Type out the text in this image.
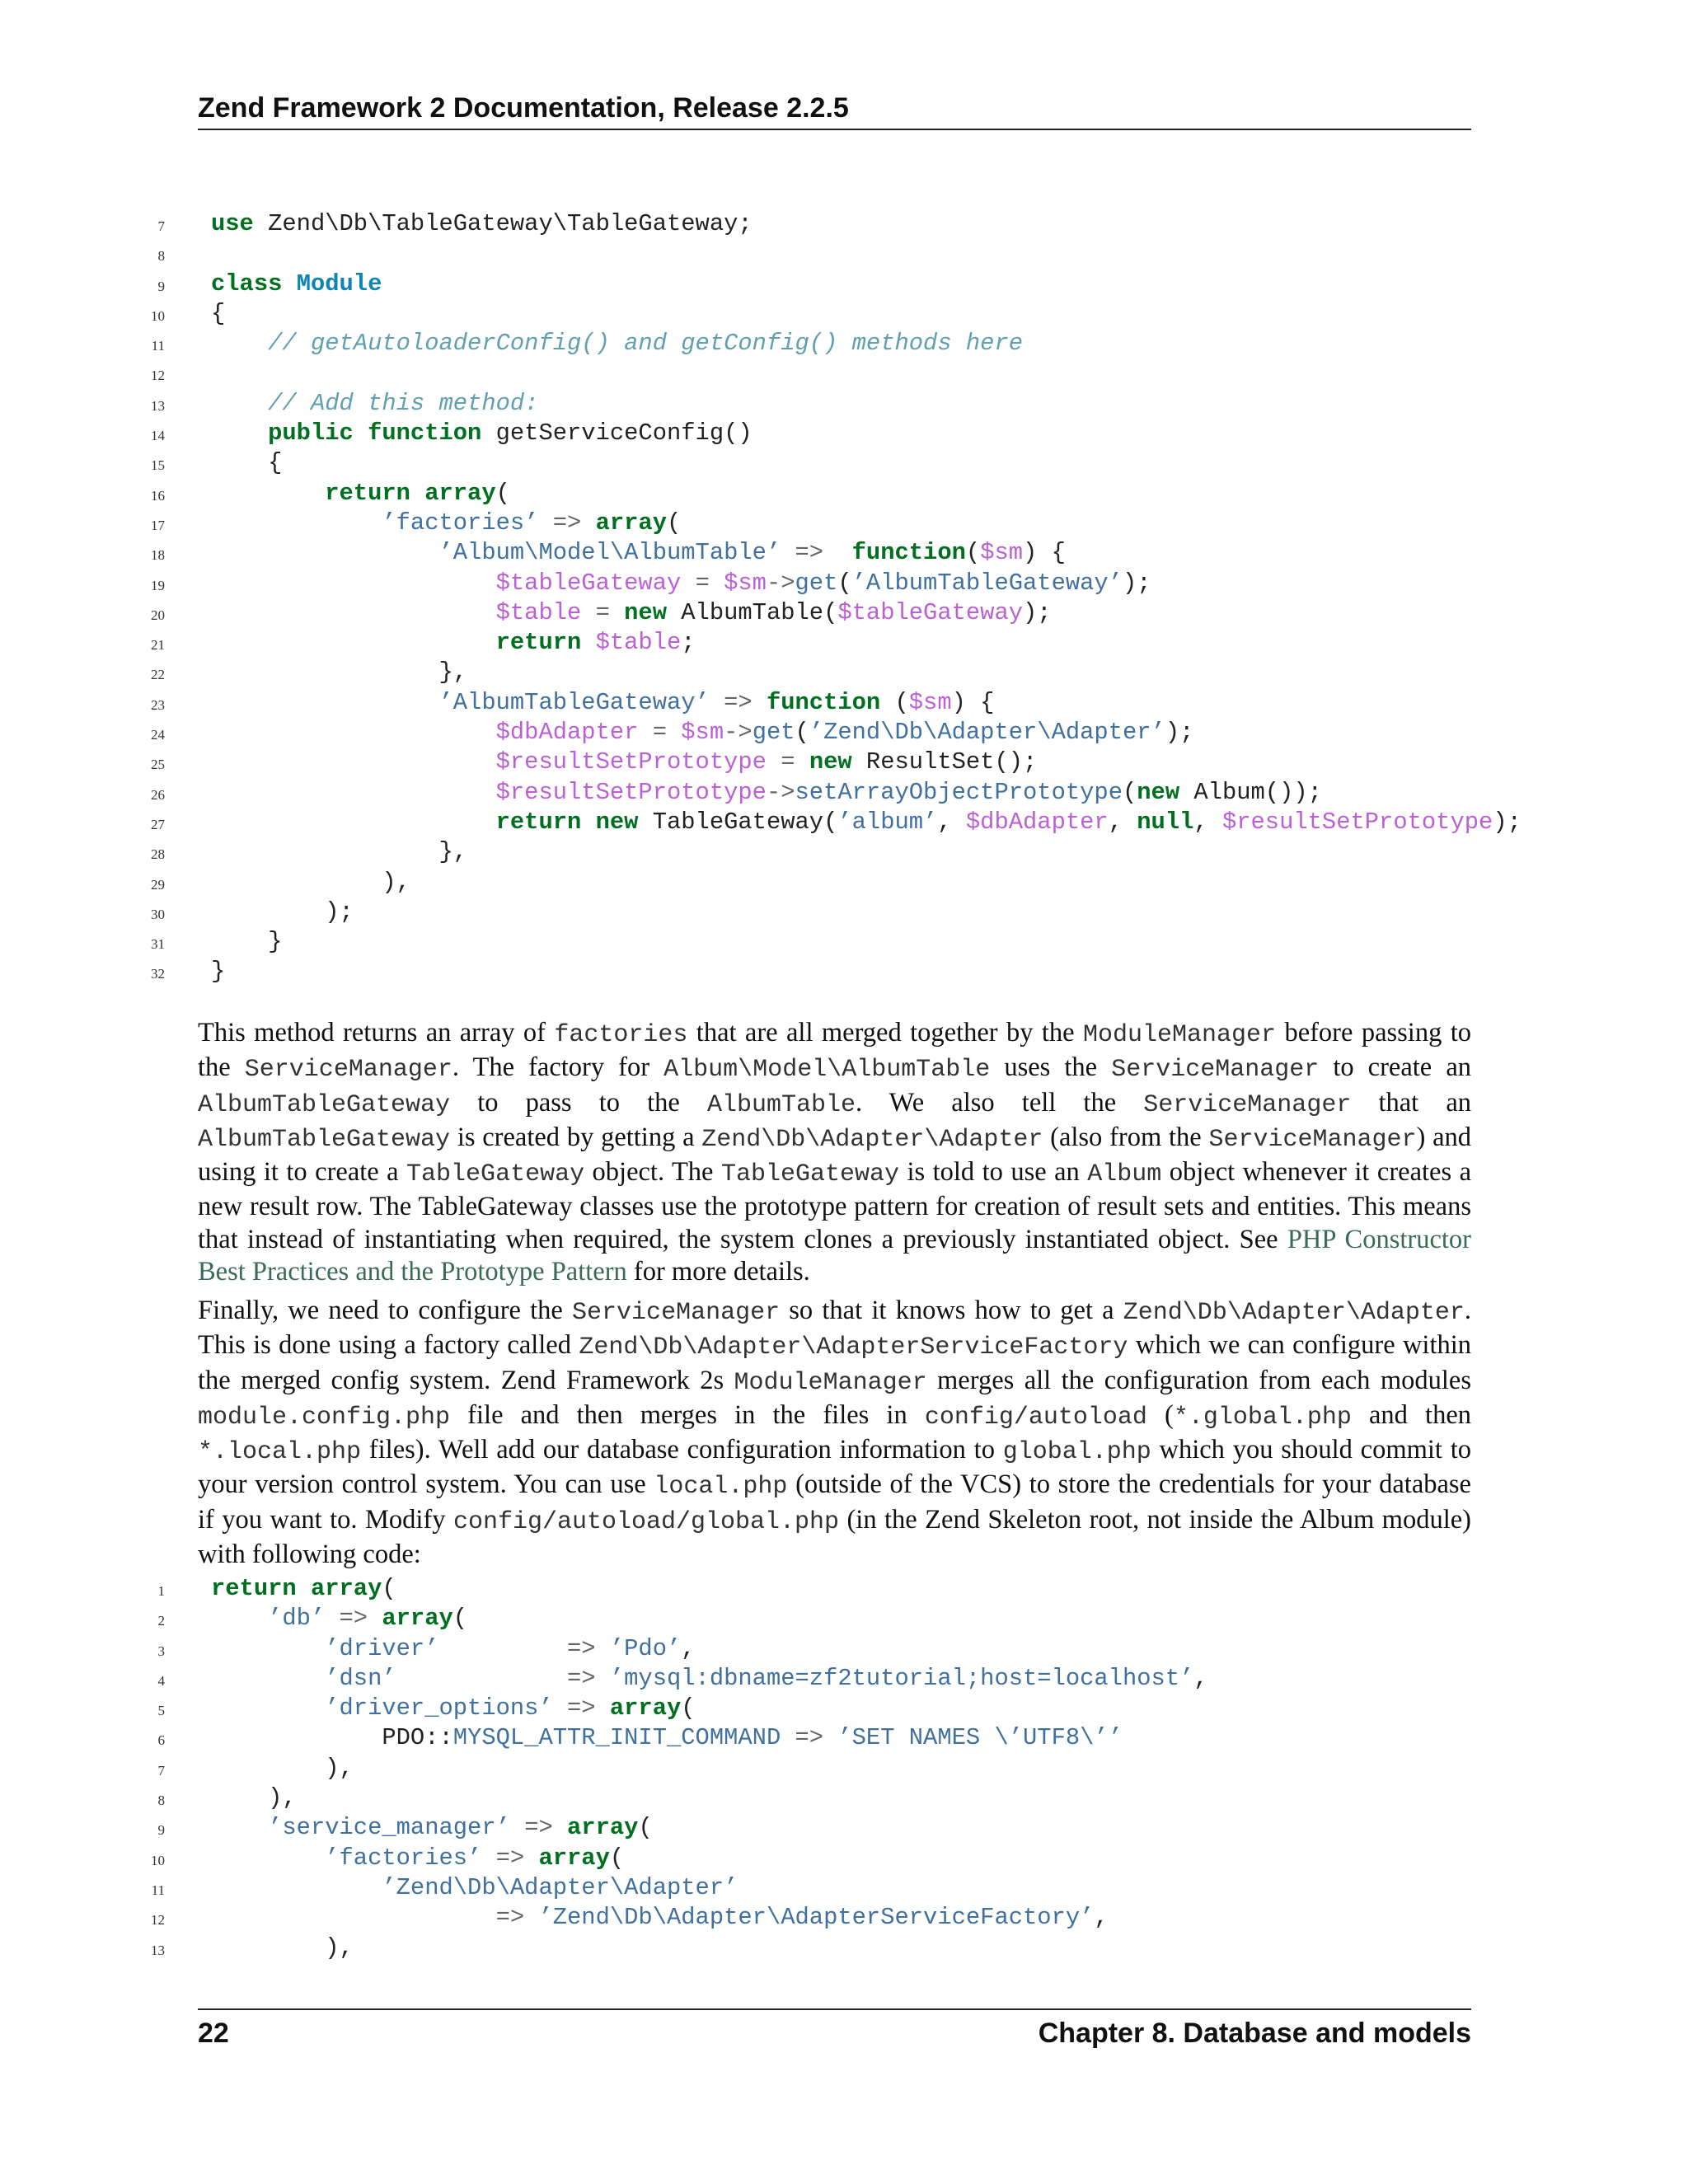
Zend Framework 2 Documentation, Release 2.2.5
7 use Zend\Db\TableGateway\TableGateway;
8
9 class Module
10 {
11 // getAutoloaderConfig() and getConfig() methods here
12
13 // Add this method:
14	public function getServiceConfig()
15 {
16	return array(
17	’factories’ => array(
18	’Album\Model\AlbumTable’ => function($sm) {
19	$tableGateway = $sm->get(’AlbumTableGateway’);
20	$table = new AlbumTable($tableGateway);
21	return $table;
22 },
23	’AlbumTableGateway’ => function ($sm) {
24	$dbAdapter = $sm->get(’Zend\Db\Adapter\Adapter’);
25	$resultSetPrototype = new ResultSet();
26	$resultSetPrototype->setArrayObjectPrototype(new Album());
27	return new TableGateway(’album’, $dbAdapter, null, $resultSetPrototype);
28 },
29 ),
30 );
31 }
32 }
This method returns an array of factories that are all merged together by the ModuleManager before passing to the ServiceManager. The factory for Album\Model\AlbumTable uses the ServiceManager to create an AlbumTableGateway to pass to the AlbumTable. We also tell the ServiceManager that an AlbumTableGateway is created by getting a Zend\Db\Adapter\Adapter (also from the ServiceManager) and using it to create a TableGateway object. The TableGateway is told to use an Album object whenever it creates a new result row. The TableGateway classes use the prototype pattern for creation of result sets and entities. This means that instead of instantiating when required, the system clones a previously instantiated object. See PHP Constructor Best Practices and the Prototype Pattern for more details.
Finally, we need to configure the ServiceManager so that it knows how to get a Zend\Db\Adapter\Adapter. This is done using a factory called Zend\Db\Adapter\AdapterServiceFactory which we can configure within the merged config system. Zend Framework 2s ModuleManager merges all the configuration from each modules module.config.php file and then merges in the files in config/autoload (*.global.php and then *.local.php files). Well add our database configuration information to global.php which you should commit to your version control system. You can use local.php (outside of the VCS) to store the credentials for your database if you want to. Modify config/autoload/global.php (in the Zend Skeleton root, not inside the Album module) with following code:
1 return array(
2	’db’ => array(
3	’driver’	=> ’Pdo’,
4	’dsn’	=> ’mysql:dbname=zf2tutorial;host=localhost’,
5	’driver_options’ => array(
6 PDO::MYSQL_ATTR_INIT_COMMAND => ’SET NAMES \’UTF8\’’
7 ),
8 ),
9	’service_manager’ => array(
10	’factories’ => array(
11	’Zend\Db\Adapter\Adapter’
12	=> ’Zend\Db\Adapter\AdapterServiceFactory’,
13 ),
22	Chapter 8. Database and models
